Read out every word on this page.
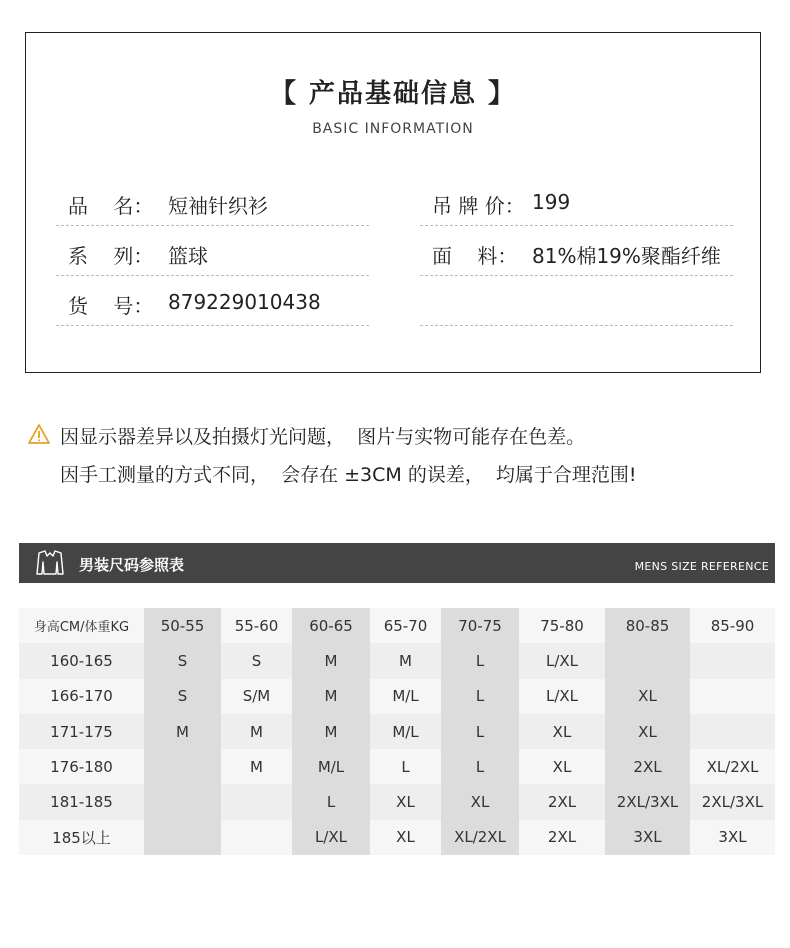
【 产品基础信息 】
BASIC INFORMATION
品    名： 短袖针织衫
系    列： 篮球
货    号： 879229010438
吊 牌 价： 199
面    料： 81%棉19%聚酯纤维
因显示器差异以及拍摄灯光问题，  图片与实物可能存在色差。
因手工测量的方式不同，  会存在 ±3CM 的误差，  均属于合理范围!
男装尺码参照表	MENS SIZE REFERENCE
身高CM/体重KG	50-55	55-60	60-65	65-70	70-75	75-80	80-85	85-90
160-165	S	S	M	M	L	L/XL		
166-170	S	S/M	M	M/L	L	L/XL	XL	
171-175	M	M	M	M/L	L	XL	XL	
176-180		M	M/L	L	L	XL	2XL	XL/2XL
181-185			L	XL	XL	2XL	2XL/3XL	2XL/3XL
185以上			L/XL	XL	XL/2XL	2XL	3XL	3XL
